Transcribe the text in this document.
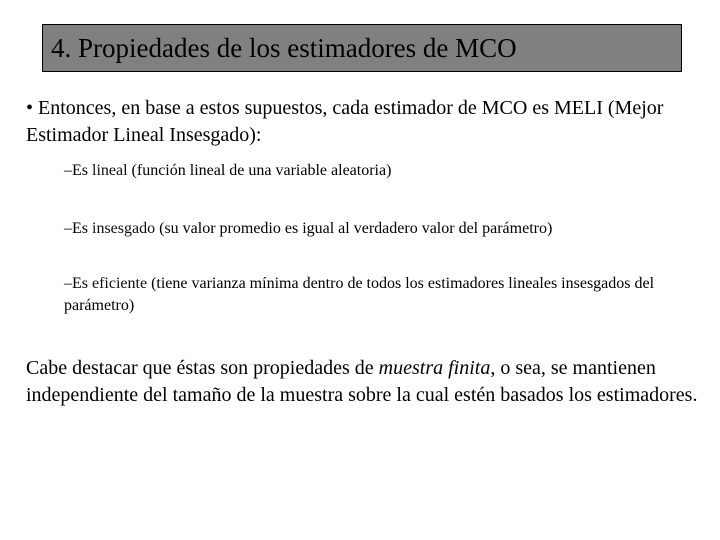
4. Propiedades de los estimadores de MCO
• Entonces, en base a estos supuestos, cada estimador de MCO es MELI (Mejor Estimador Lineal Insesgado):
–Es lineal (función lineal de una variable aleatoria)
–Es insesgado (su valor promedio es igual al verdadero valor del parámetro)
–Es eficiente (tiene varianza mínima dentro de todos los estimadores lineales insesgados del parámetro)
Cabe destacar que éstas son propiedades de muestra finita, o sea, se mantienen independiente del tamaño de la muestra sobre la cual estén basados los estimadores.
